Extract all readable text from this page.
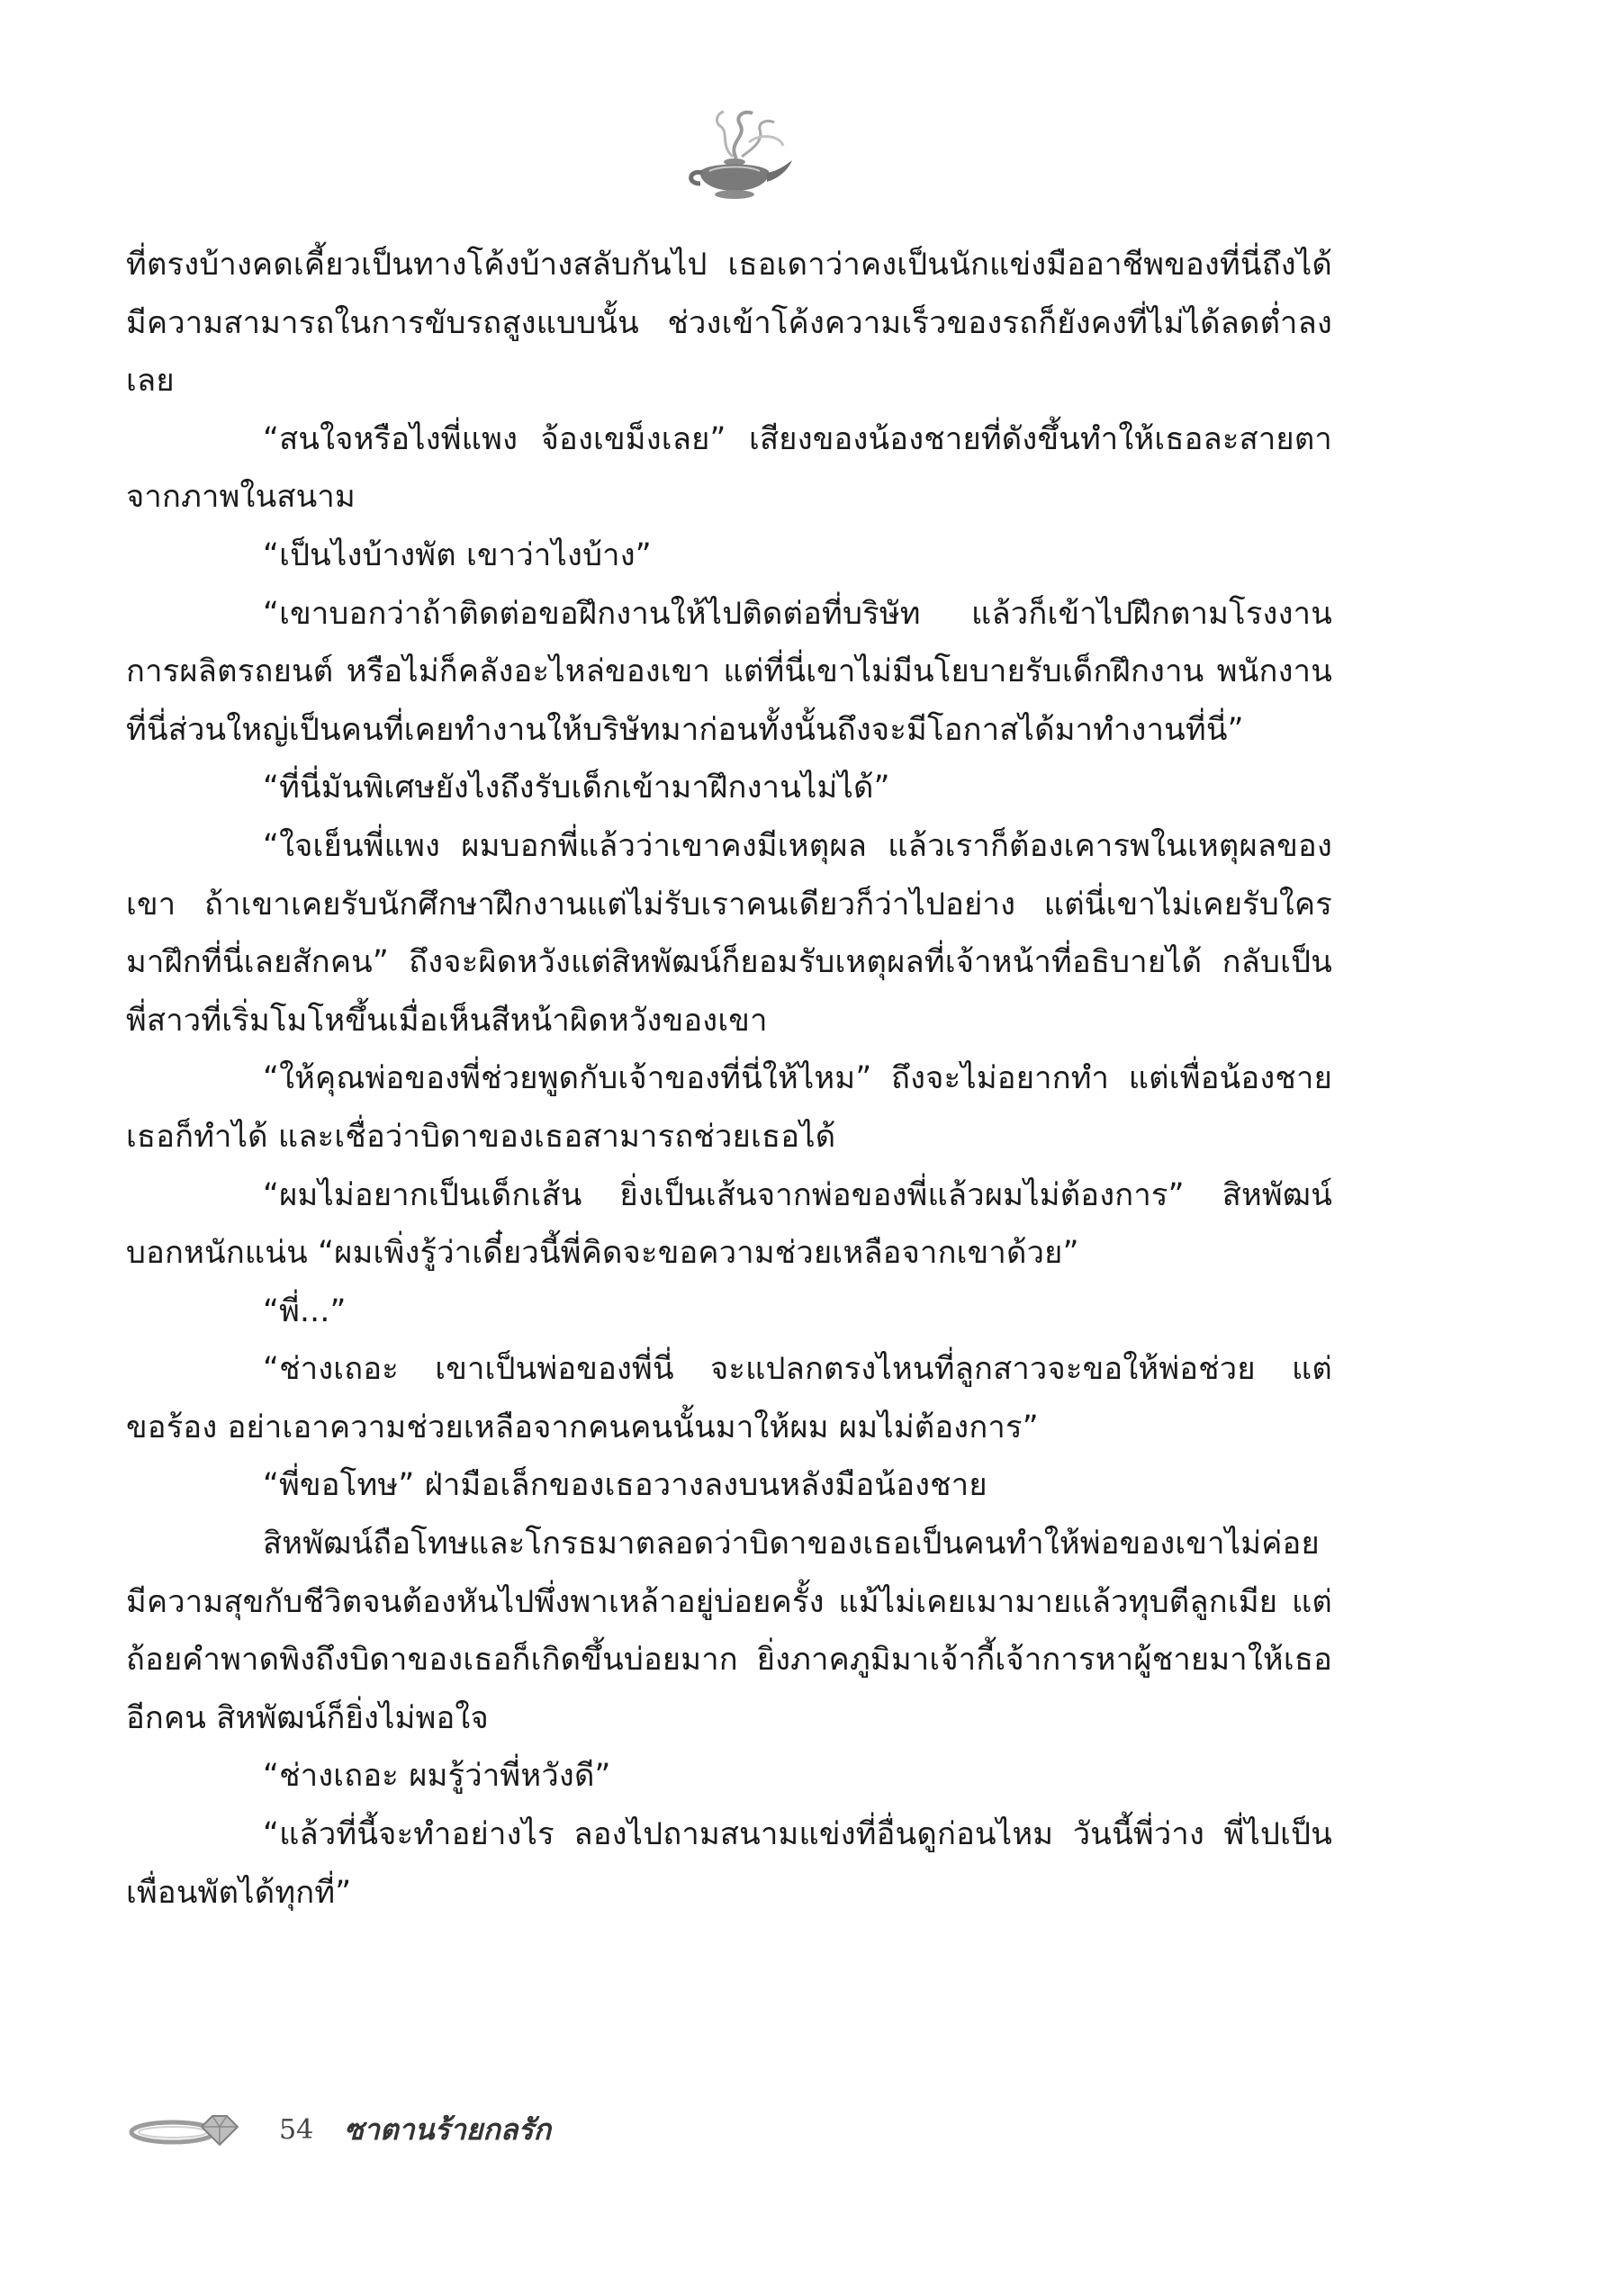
ที่ตรงบ้างคดเคี้ยวเป็นทางโค้งบ้างสลับกันไป เธอเดาว่าคงเป็นนักแข่งมืออาชีพของที่นี่ถึงได้มีความสามารถในการขับรถสูงแบบนั้น ช่วงเข้าโค้งความเร็วของรถก็ยังคงที่ไม่ได้ลดต่ำลงเลย

“สนใจหรือไงพี่แพง จ้องเขม็งเลย” เสียงของน้องชายที่ดังขึ้นทำให้เธอละสายตาจากภาพในสนาม

“เป็นไงบ้างพัต เขาว่าไงบ้าง”

“เขาบอกว่าถ้าติดต่อขอฝึกงานให้ไปติดต่อที่บริษัท แล้วก็เข้าไปฝึกตามโรงงานการผลิตรถยนต์ หรือไม่ก็คลังอะไหล่ของเขา แต่ที่นี่เขาไม่มีนโยบายรับเด็กฝึกงาน พนักงานที่นี่ส่วนใหญ่เป็นคนที่เคยทำงานให้บริษัทมาก่อนทั้งนั้นถึงจะมีโอกาสได้มาทำงานที่นี่”

“ที่นี่มันพิเศษยังไงถึงรับเด็กเข้ามาฝึกงานไม่ได้”

“ใจเย็นพี่แพง ผมบอกพี่แล้วว่าเขาคงมีเหตุผล แล้วเราก็ต้องเคารพในเหตุผลของเขา ถ้าเขาเคยรับนักศึกษาฝึกงานแต่ไม่รับเราคนเดียวก็ว่าไปอย่าง แต่นี่เขาไม่เคยรับใครมาฝึกที่นี่เลยสักคน” ถึงจะผิดหวังแต่สิหพัฒน์ก็ยอมรับเหตุผลที่เจ้าหน้าที่อธิบายได้ กลับเป็นพี่สาวที่เริ่มโมโหขึ้นเมื่อเห็นสีหน้าผิดหวังของเขา

“ให้คุณพ่อของพี่ช่วยพูดกับเจ้าของที่นี่ให้ไหม” ถึงจะไม่อยากทำ แต่เพื่อน้องชายเธอก็ทำได้ และเชื่อว่าบิดาของเธอสามารถช่วยเธอได้

“ผมไม่อยากเป็นเด็กเส้น ยิ่งเป็นเส้นจากพ่อของพี่แล้วผมไม่ต้องการ” สิหพัฒน์บอกหนักแน่น “ผมเพิ่งรู้ว่าเดี๋ยวนี้พี่คิดจะขอความช่วยเหลือจากเขาด้วย”

“พี่...”

“ช่างเถอะ เขาเป็นพ่อของพี่นี่ จะแปลกตรงไหนที่ลูกสาวจะขอให้พ่อช่วย แต่ขอร้อง อย่าเอาความช่วยเหลือจากคนคนนั้นมาให้ผม ผมไม่ต้องการ”

“พี่ขอโทษ” ฝ่ามือเล็กของเธอวางลงบนหลังมือน้องชาย

สิหพัฒน์ถือโทษและโกรธมาตลอดว่าบิดาของเธอเป็นคนทำให้พ่อของเขาไม่ค่อยมีความสุขกับชีวิตจนต้องหันไปพึ่งพาเหล้าอยู่บ่อยครั้ง แม้ไม่เคยเมามายแล้วทุบตีลูกเมีย แต่ถ้อยคำพาดพิงถึงบิดาของเธอก็เกิดขึ้นบ่อยมาก ยิ่งภาคภูมิมาเจ้ากี้เจ้าการหาผู้ชายมาให้เธออีกคน สิหพัฒน์ก็ยิ่งไม่พอใจ

“ช่างเถอะ ผมรู้ว่าพี่หวังดี”

“แล้วที่นี้จะทำอย่างไร ลองไปถามสนามแข่งที่อื่นดูก่อนไหม วันนี้พี่ว่าง พี่ไปเป็นเพื่อนพัตได้ทุกที่”

54 ซาตานร้ายกลรัก
